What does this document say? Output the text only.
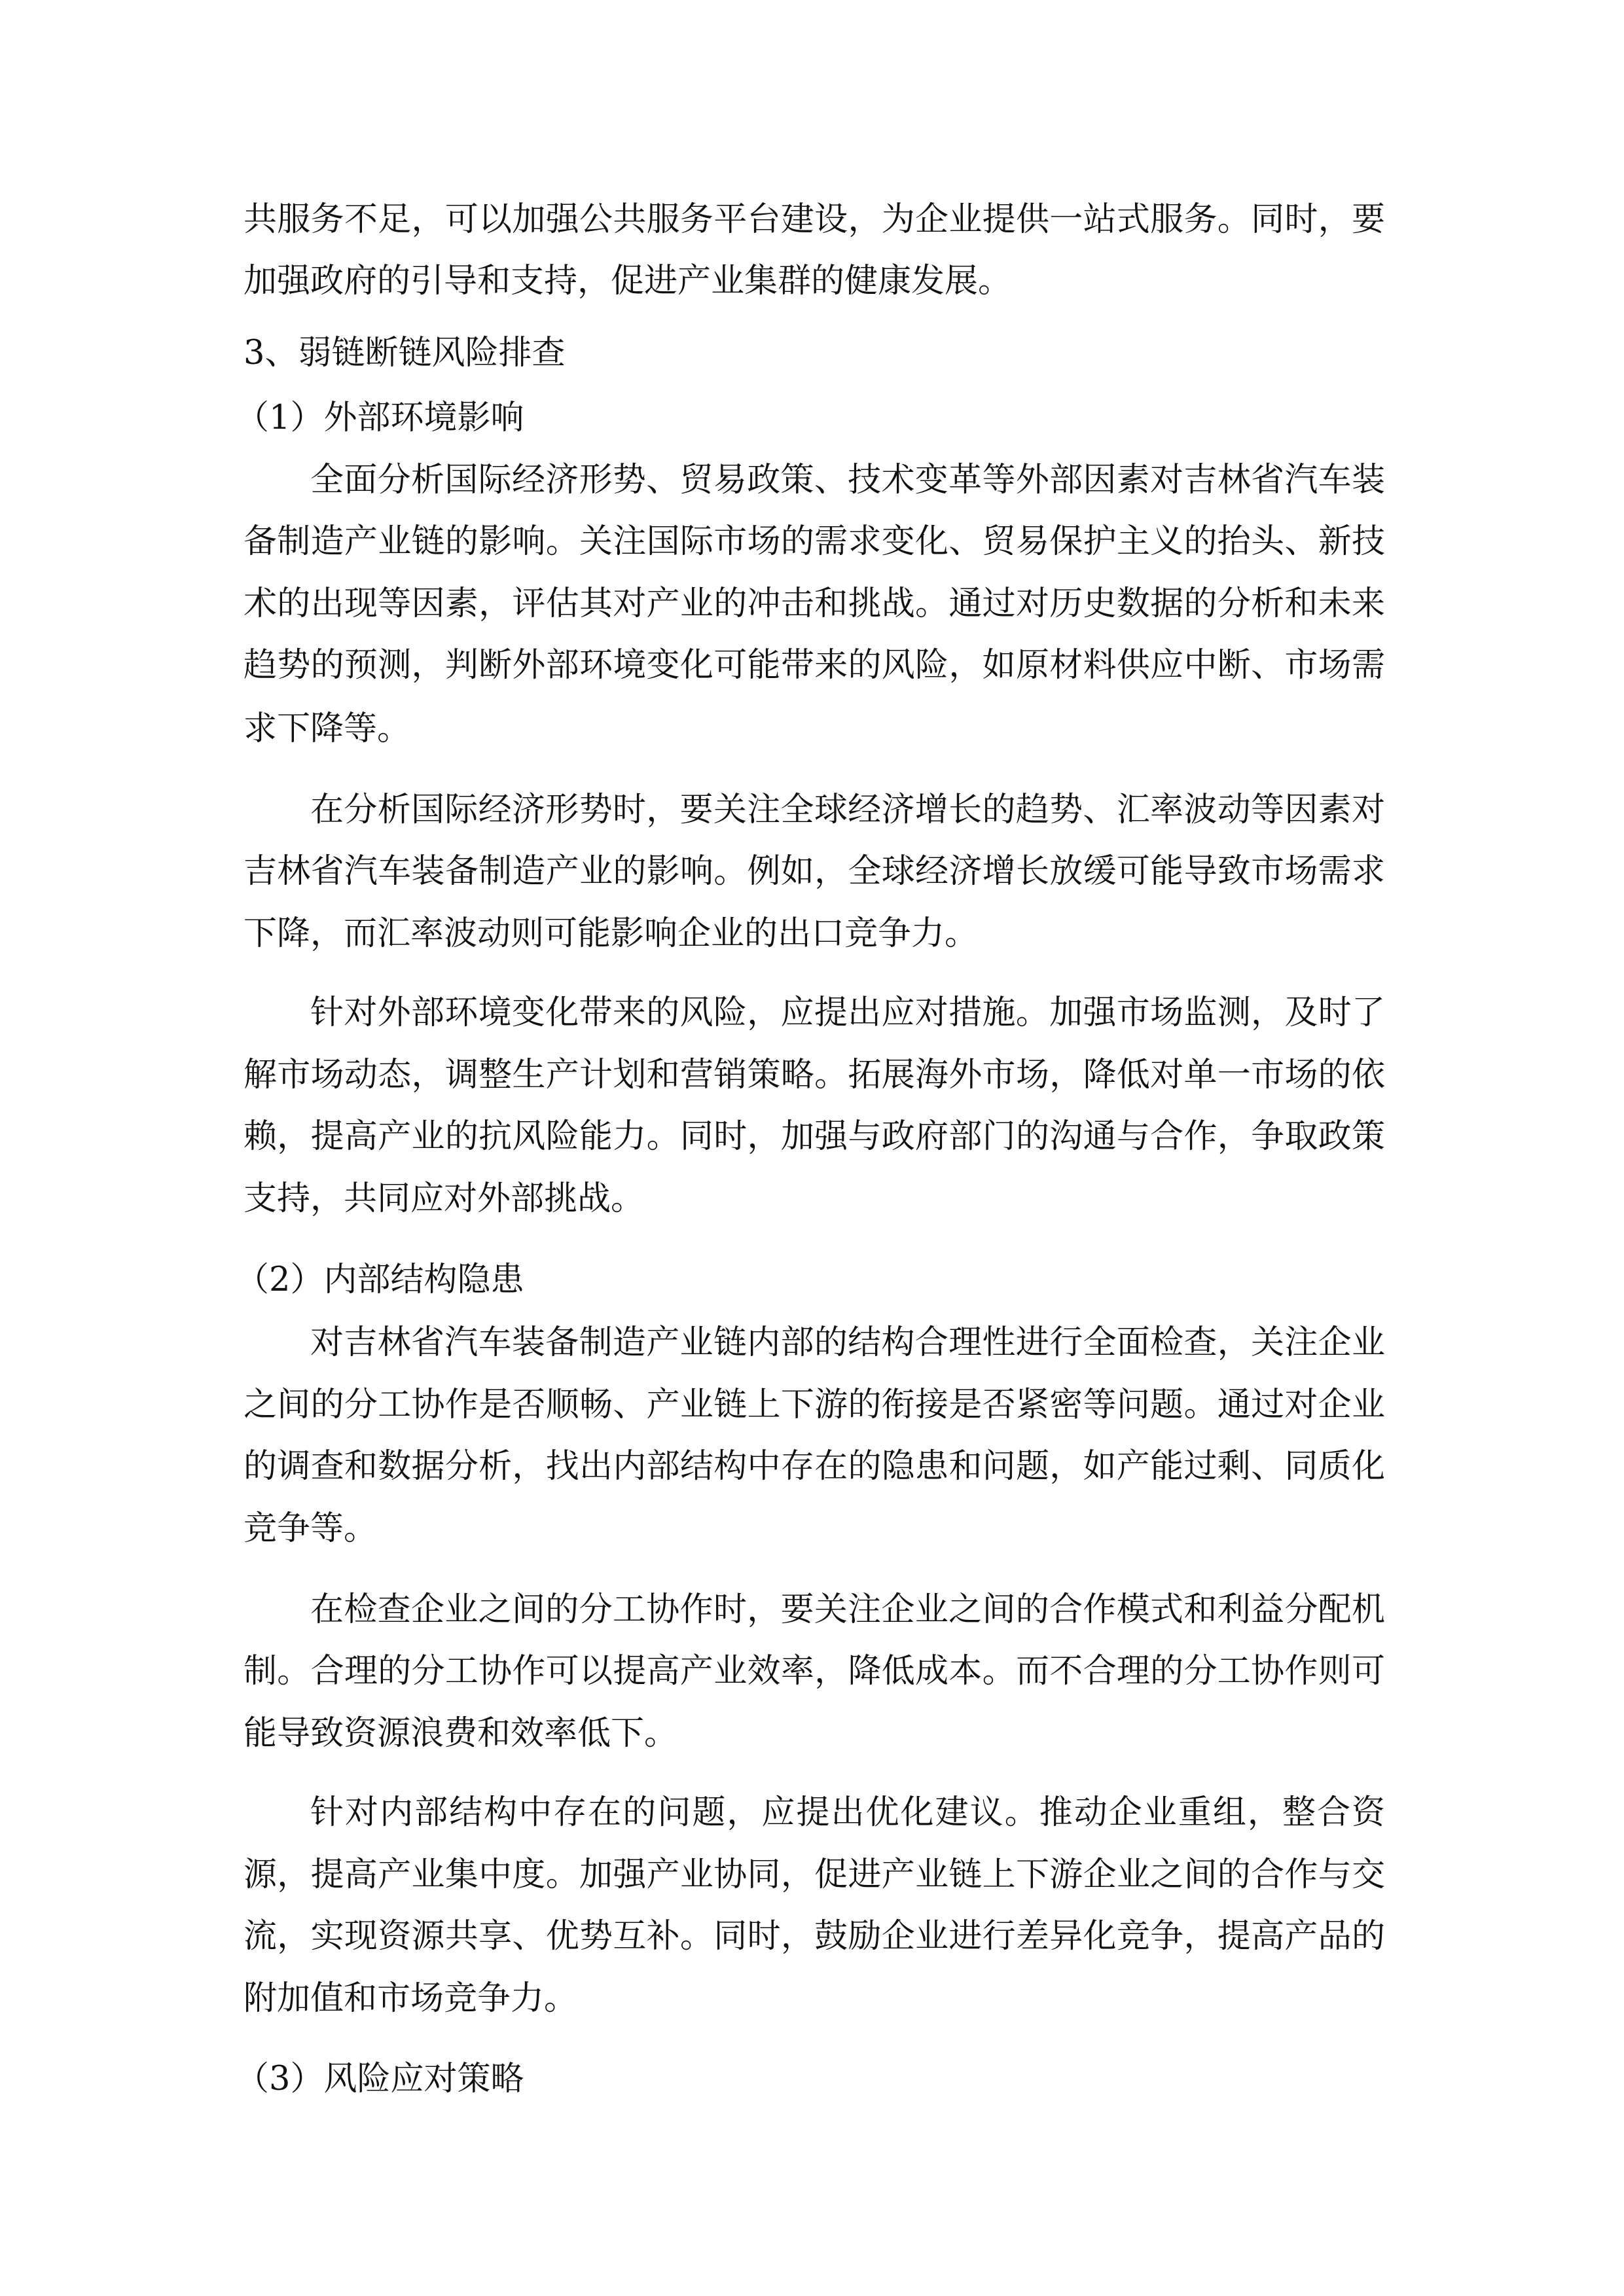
共服务不足，可以加强公共服务平台建设，为企业提供一站式服务。同时，要
加强政府的引导和支持，促进产业集群的健康发展。
3、弱链断链风险排查
（1）外部环境影响
全面分析国际经济形势、贸易政策、技术变革等外部因素对吉林省汽车装
备制造产业链的影响。关注国际市场的需求变化、贸易保护主义的抬头、新技
术的出现等因素，评估其对产业的冲击和挑战。通过对历史数据的分析和未来
趋势的预测，判断外部环境变化可能带来的风险，如原材料供应中断、市场需
求下降等。
在分析国际经济形势时，要关注全球经济增长的趋势、汇率波动等因素对
吉林省汽车装备制造产业的影响。例如，全球经济增长放缓可能导致市场需求
下降，而汇率波动则可能影响企业的出口竞争力。
针对外部环境变化带来的风险，应提出应对措施。加强市场监测，及时了
解市场动态，调整生产计划和营销策略。拓展海外市场，降低对单一市场的依
赖，提高产业的抗风险能力。同时，加强与政府部门的沟通与合作，争取政策
支持，共同应对外部挑战。
（2）内部结构隐患
对吉林省汽车装备制造产业链内部的结构合理性进行全面检查，关注企业
之间的分工协作是否顺畅、产业链上下游的衔接是否紧密等问题。通过对企业
的调查和数据分析，找出内部结构中存在的隐患和问题，如产能过剩、同质化
竞争等。
在检查企业之间的分工协作时，要关注企业之间的合作模式和利益分配机
制。合理的分工协作可以提高产业效率，降低成本。而不合理的分工协作则可
能导致资源浪费和效率低下。
针对内部结构中存在的问题，应提出优化建议。推动企业重组，整合资
源，提高产业集中度。加强产业协同，促进产业链上下游企业之间的合作与交
流，实现资源共享、优势互补。同时，鼓励企业进行差异化竞争，提高产品的
附加值和市场竞争力。
（3）风险应对策略
